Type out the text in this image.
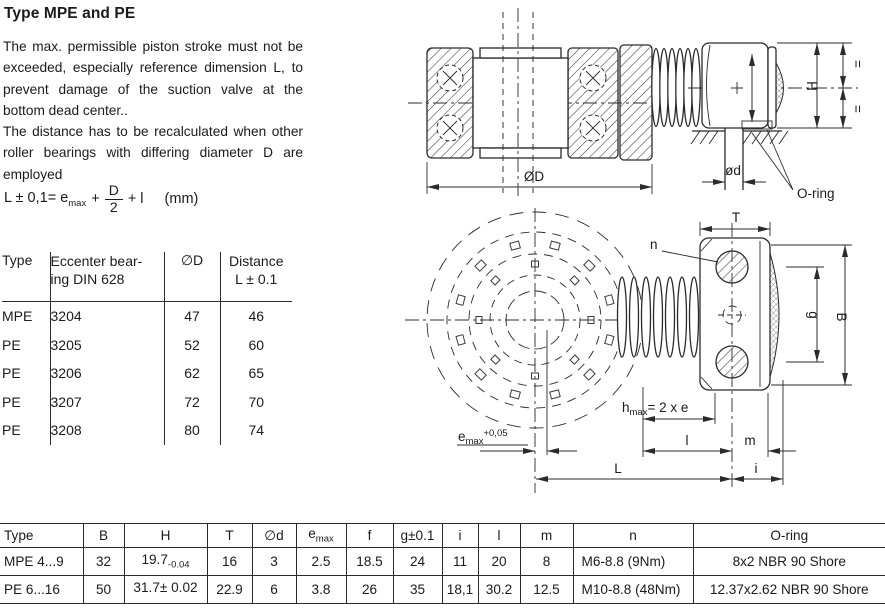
Type MPE and PE

The max. permissible piston stroke must not be exceeded, especially reference dimension L, to prevent damage of the suction valve at the bottom dead center..

The distance has to be recalculated when other roller bearings with differing diameter D are employed

$L \pm 0,1= e_{max} + \frac{D}{2} + l$ (mm)
Type	Eccenter bear-
ing DIN 628	∅D	Distance
L ± 0.1

MPE	3204	47	46
PE	3205	52	60
PE	3206	62	65
PE	3207	72	70
PE	3208	80	74
ØD
H
=
=
ød
O-ring
T
n
B
g
$h_{max}= 2$ x e
$e_{max}^{+0,05}$	l	m
L	i
Type	B	H	T	∅d	$e_{max}$	f	g±0.1	i	l	m	n	O-ring
MPE 4...9	32	$19.7_{-0.04}$	16	3	2.5	18.5	24	11	20	8	M6-8.8 (9Nm)	8x2 NBR 90 Shore
PE 6...16	50	31.7± 0.02	22.9	6	3.8	26	35	18,1	30.2	12.5	M10-8.8 (48Nm)	12.37x2.62 NBR 90 Shore
